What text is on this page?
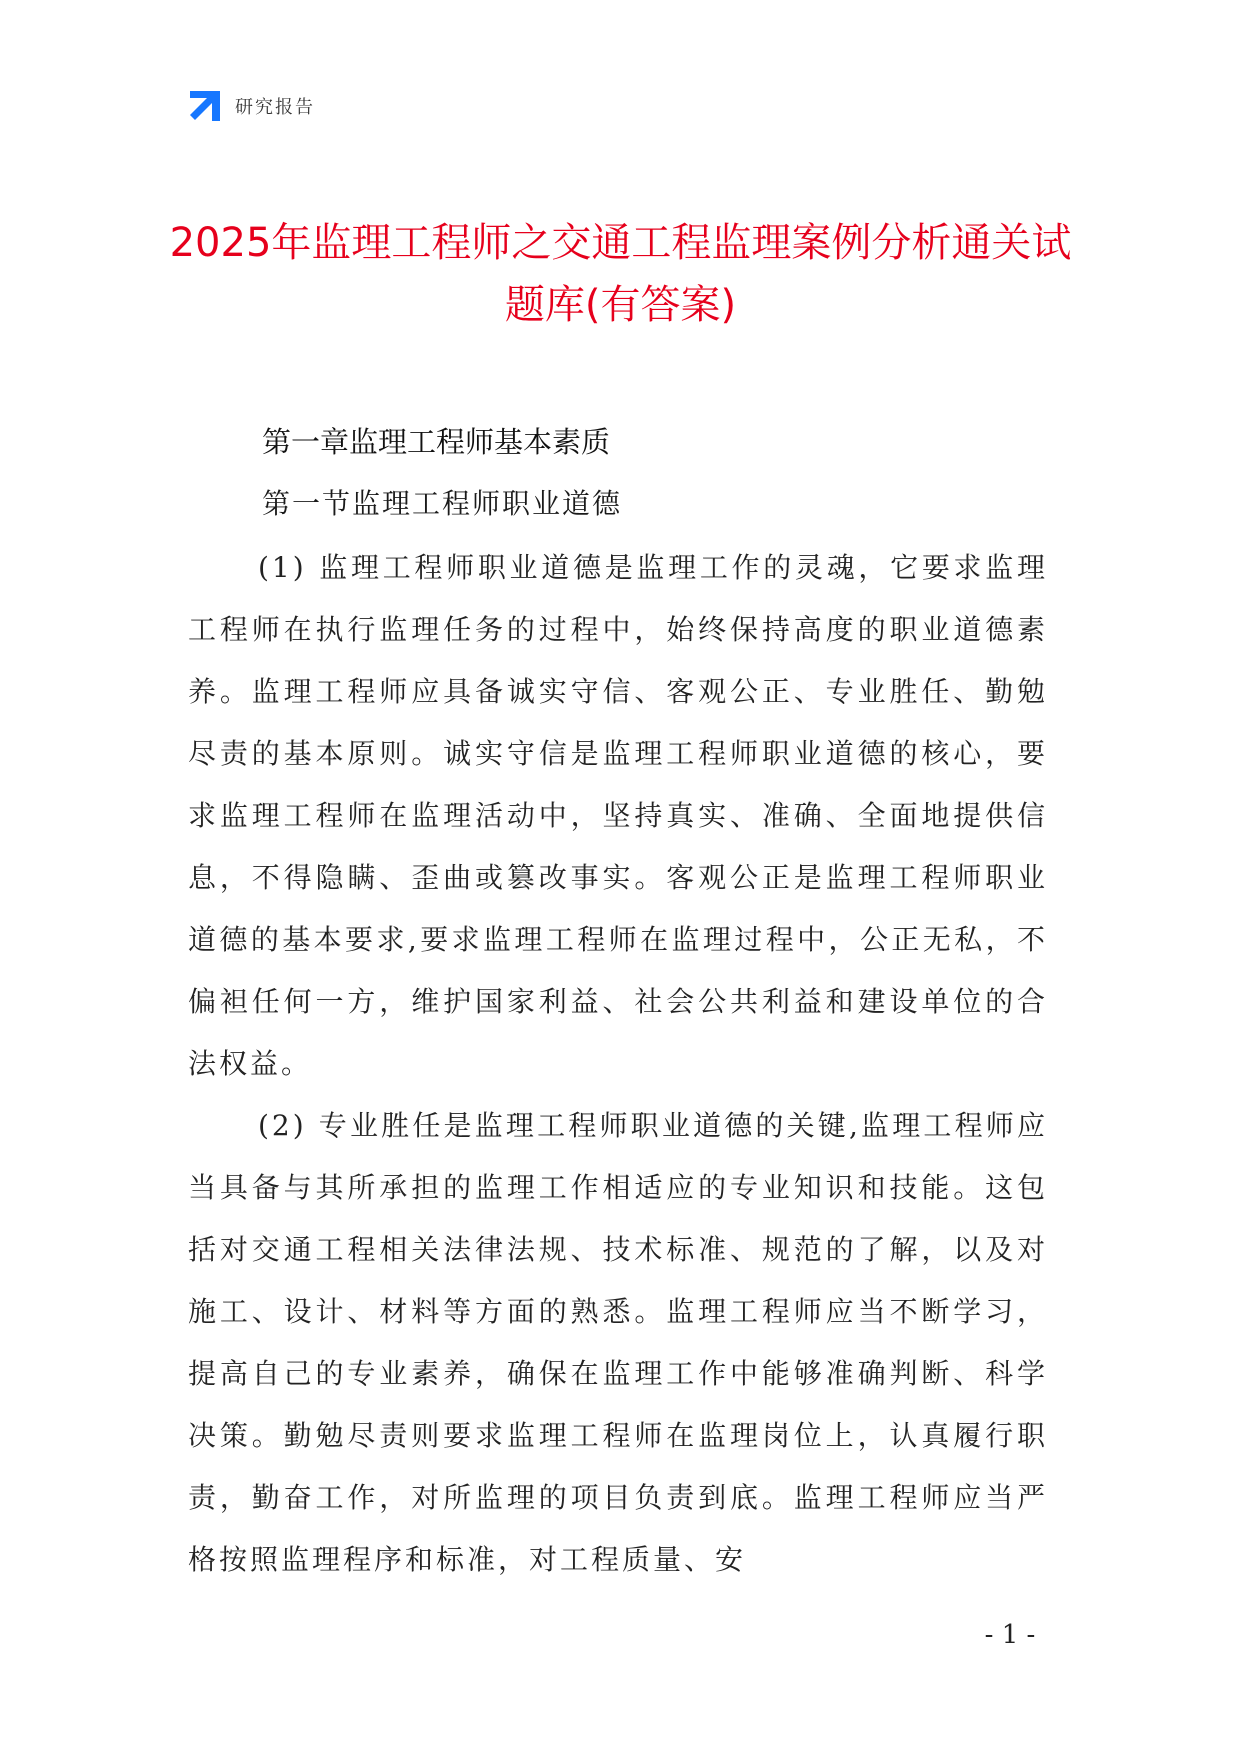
研究报告
2025年监理工程师之交通工程监理案例分析通关试题库(有答案)
第一章监理工程师基本素质
第一节监理工程师职业道德

(1) 监理工程师职业道德是监理工作的灵魂，它要求监理工程师在执行监理任务的过程中，始终保持高度的职业道德素养。监理工程师应具备诚实守信、客观公正、专业胜任、勤勉尽责的基本原则。诚实守信是监理工程师职业道德的核心，要求监理工程师在监理活动中，坚持真实、准确、全面地提供信息，不得隐瞒、歪曲或篡改事实。客观公正是监理工程师职业道德的基本要求,要求监理工程师在监理过程中，公正无私，不偏袒任何一方，维护国家利益、社会公共利益和建设单位的合法权益。

(2) 专业胜任是监理工程师职业道德的关键,监理工程师应当具备与其所承担的监理工作相适应的专业知识和技能。这包括对交通工程相关法律法规、技术标准、规范的了解，以及对施工、设计、材料等方面的熟悉。监理工程师应当不断学习，提高自己的专业素养，确保在监理工作中能够准确判断、科学决策。勤勉尽责则要求监理工程师在监理岗位上，认真履行职责，勤奋工作，对所监理的项目负责到底。监理工程师应当严格按照监理程序和标准，对工程质量、安

- 1 -
